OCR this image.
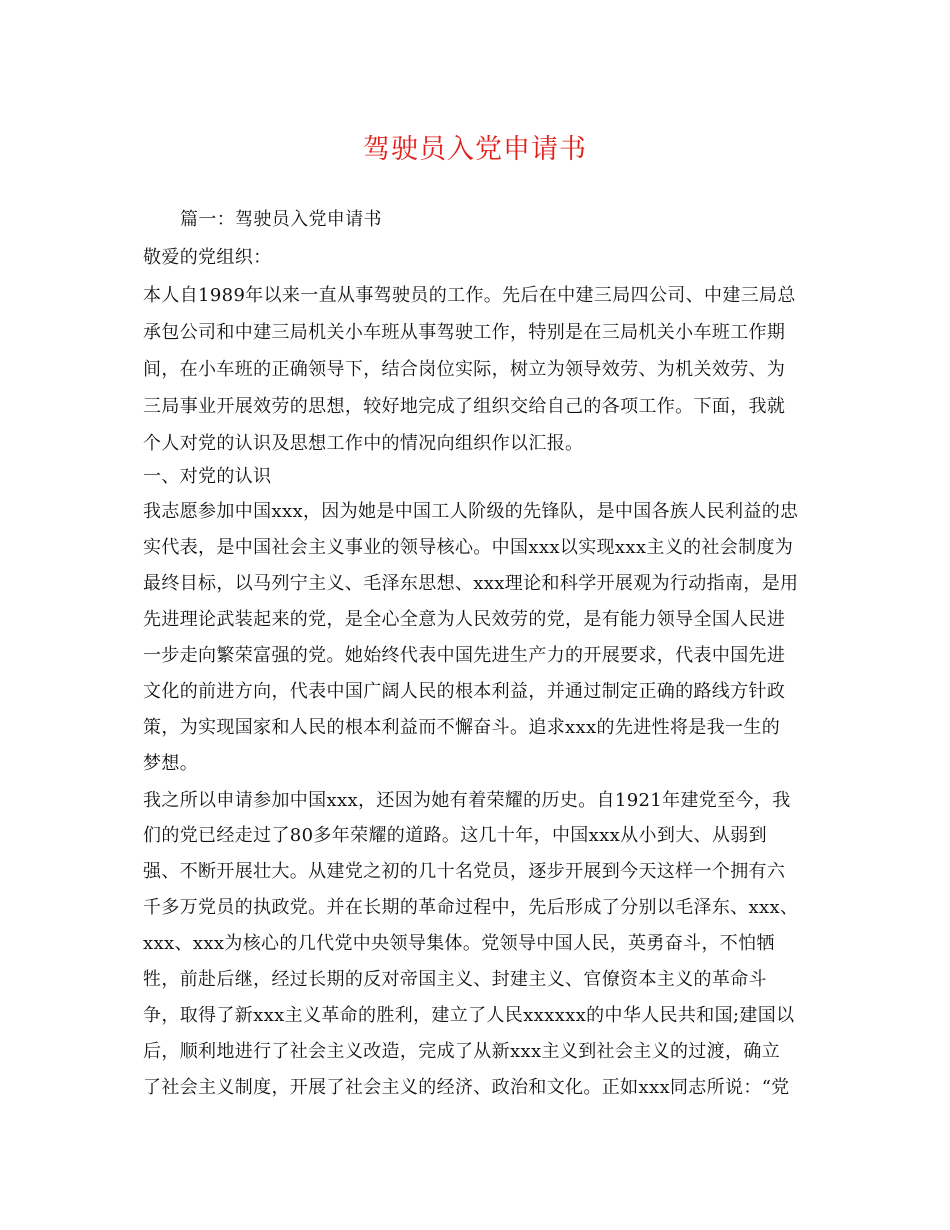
驾驶员入党申请书
篇一：驾驶员入党申请书
敬爱的党组织：
本人自1989年以来一直从事驾驶员的工作。先后在中建三局四公司、中建三局总
承包公司和中建三局机关小车班从事驾驶工作，特别是在三局机关小车班工作期
间，在小车班的正确领导下，结合岗位实际，树立为领导效劳、为机关效劳、为
三局事业开展效劳的思想，较好地完成了组织交给自己的各项工作。下面，我就
个人对党的认识及思想工作中的情况向组织作以汇报。
一、对党的认识
我志愿参加中国xxx，因为她是中国工人阶级的先锋队，是中国各族人民利益的忠
实代表，是中国社会主义事业的领导核心。中国xxx以实现xxx主义的社会制度为
最终目标，以马列宁主义、毛泽东思想、xxx理论和科学开展观为行动指南，是用
先进理论武装起来的党，是全心全意为人民效劳的党，是有能力领导全国人民进
一步走向繁荣富强的党。她始终代表中国先进生产力的开展要求，代表中国先进
文化的前进方向，代表中国广阔人民的根本利益，并通过制定正确的路线方针政
策，为实现国家和人民的根本利益而不懈奋斗。追求xxx的先进性将是我一生的
梦想。
我之所以申请参加中国xxx，还因为她有着荣耀的历史。自1921年建党至今，我
们的党已经走过了80多年荣耀的道路。这几十年，中国xxx从小到大、从弱到
强、不断开展壮大。从建党之初的几十名党员，逐步开展到今天这样一个拥有六
千多万党员的执政党。并在长期的革命过程中，先后形成了分别以毛泽东、xxx、
xxx、xxx为核心的几代党中央领导集体。党领导中国人民，英勇奋斗，不怕牺
牲，前赴后继，经过长期的反对帝国主义、封建主义、官僚资本主义的革命斗
争，取得了新xxx主义革命的胜利，建立了人民xxxxxx的中华人民共和国;建国以
后，顺利地进行了社会主义改造，完成了从新xxx主义到社会主义的过渡，确立
了社会主义制度，开展了社会主义的经济、政治和文化。正如xxx同志所说：“党
